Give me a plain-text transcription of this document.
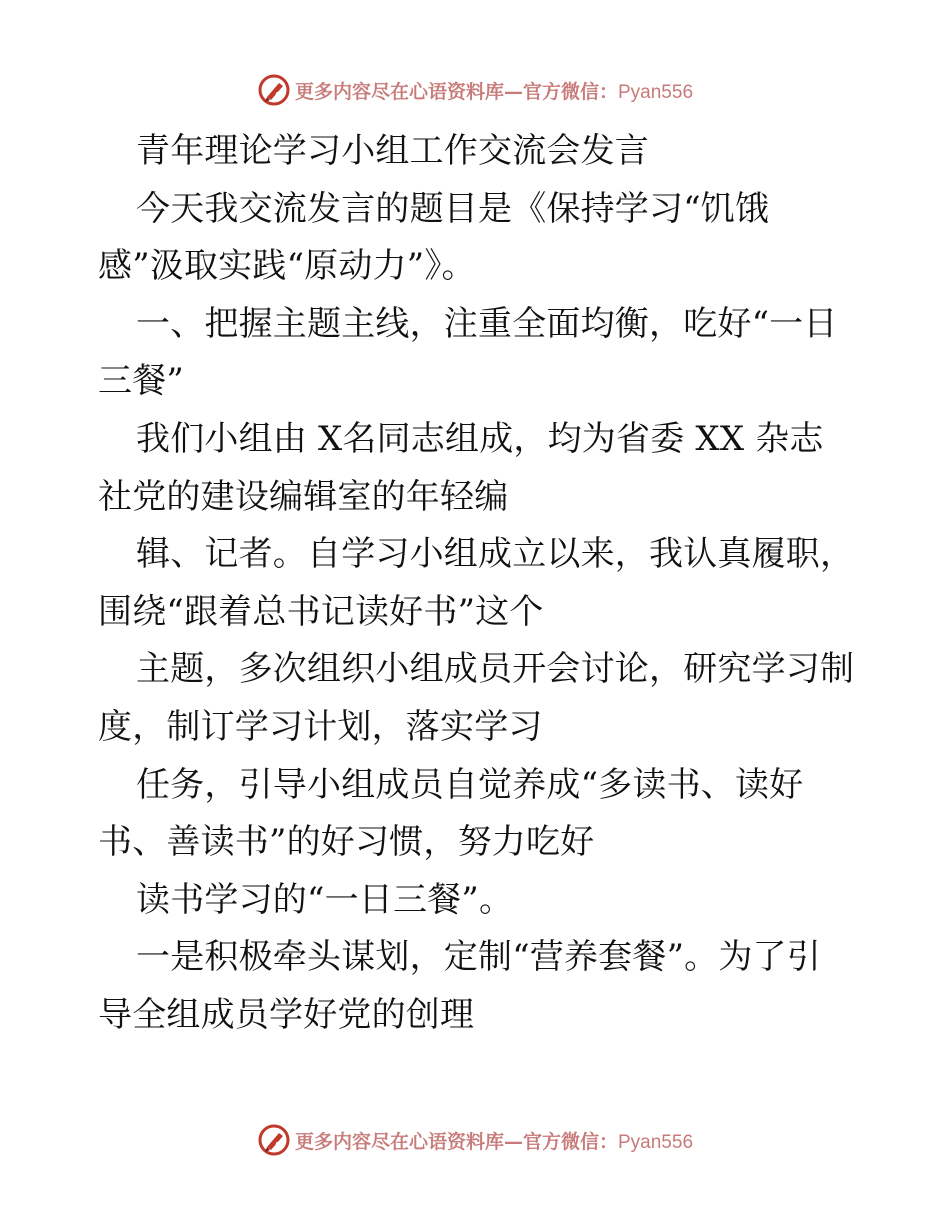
更多内容尽在心语资料库—官方微信：Pyan556
青年理论学习小组工作交流会发言
今天我交流发言的题目是《保持学习“饥饿
感”汲取实践“原动力”》。
一、把握主题主线，注重全面均衡，吃好“一日
三餐”
我们小组由 X名同志组成，均为省委 XX 杂志
社党的建设编辑室的年轻编
辑、记者。自学习小组成立以来，我认真履职，
围绕“跟着总书记读好书”这个
主题，多次组织小组成员开会讨论，研究学习制
度，制订学习计划，落实学习
任务，引导小组成员自觉养成“多读书、读好
书、善读书”的好习惯，努力吃好
读书学习的“一日三餐”。
一是积极牵头谋划，定制“营养套餐”。为了引
导全组成员学好党的创理
更多内容尽在心语资料库—官方微信：Pyan556
